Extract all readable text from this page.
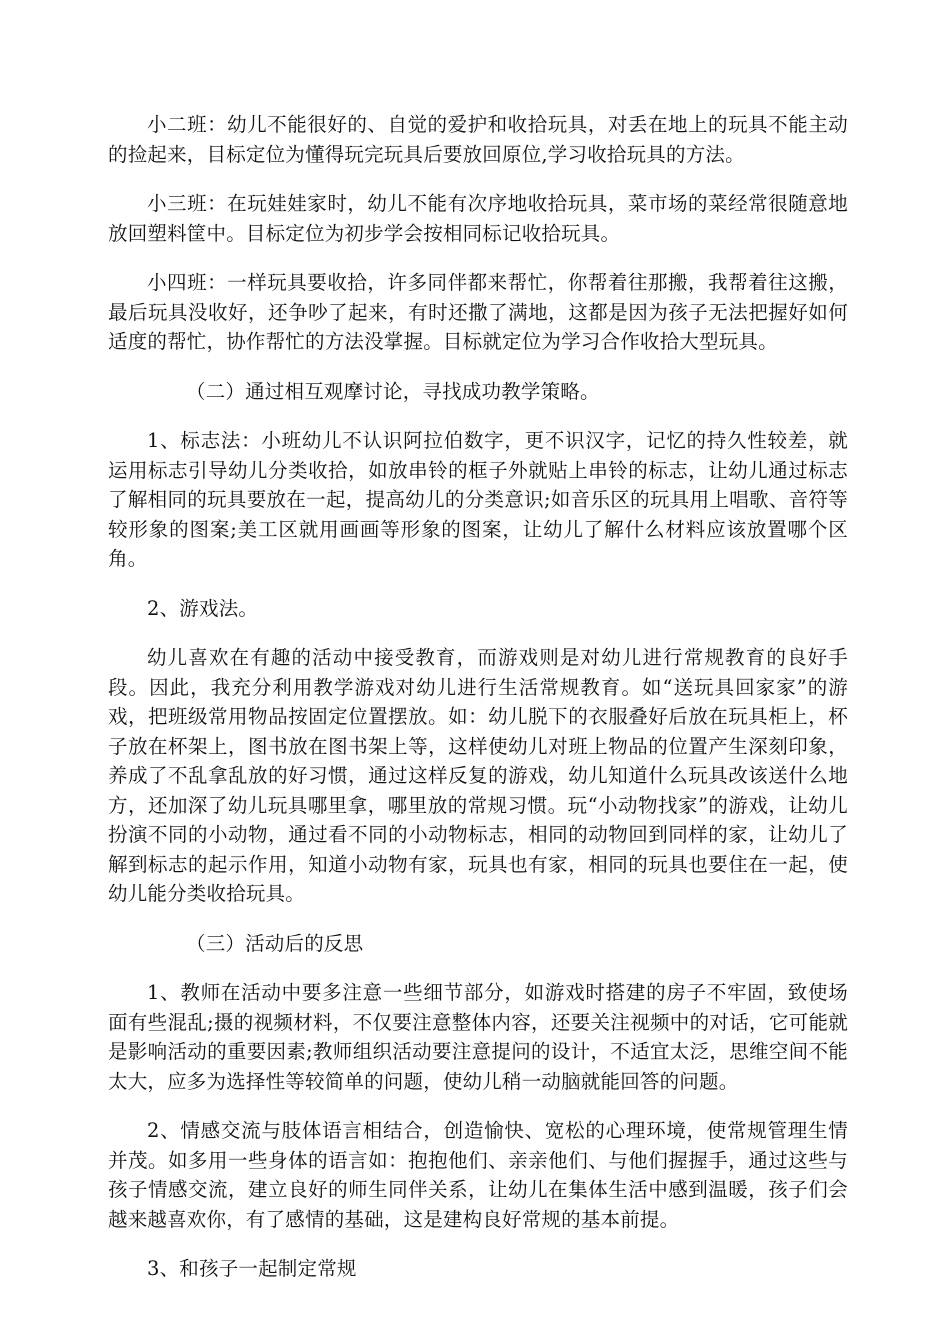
小二班：幼儿不能很好的、自觉的爱护和收拾玩具，对丢在地上的玩具不能主动的捡起来，目标定位为懂得玩完玩具后要放回原位,学习收拾玩具的方法。

小三班：在玩娃娃家时，幼儿不能有次序地收拾玩具，菜市场的菜经常很随意地放回塑料筐中。目标定位为初步学会按相同标记收拾玩具。

小四班：一样玩具要收拾，许多同伴都来帮忙，你帮着往那搬，我帮着往这搬，最后玩具没收好，还争吵了起来，有时还撒了满地，这都是因为孩子无法把握好如何适度的帮忙，协作帮忙的方法没掌握。目标就定位为学习合作收拾大型玩具。

（二）通过相互观摩讨论，寻找成功教学策略。

1、标志法：小班幼儿不认识阿拉伯数字，更不识汉字，记忆的持久性较差，就运用标志引导幼儿分类收拾，如放串铃的框子外就贴上串铃的标志，让幼儿通过标志了解相同的玩具要放在一起，提高幼儿的分类意识;如音乐区的玩具用上唱歌、音符等较形象的图案;美工区就用画画等形象的图案，让幼儿了解什么材料应该放置哪个区角。

2、游戏法。

幼儿喜欢在有趣的活动中接受教育，而游戏则是对幼儿进行常规教育的良好手段。因此，我充分利用教学游戏对幼儿进行生活常规教育。如“送玩具回家家”的游戏，把班级常用物品按固定位置摆放。如：幼儿脱下的衣服叠好后放在玩具柜上，杯子放在杯架上，图书放在图书架上等，这样使幼儿对班上物品的位置产生深刻印象，养成了不乱拿乱放的好习惯，通过这样反复的游戏，幼儿知道什么玩具改该送什么地方，还加深了幼儿玩具哪里拿，哪里放的常规习惯。玩“小动物找家”的游戏，让幼儿扮演不同的小动物，通过看不同的小动物标志，相同的动物回到同样的家，让幼儿了解到标志的起示作用，知道小动物有家，玩具也有家，相同的玩具也要住在一起，使幼儿能分类收拾玩具。

（三）活动后的反思

1、教师在活动中要多注意一些细节部分，如游戏时搭建的房子不牢固，致使场面有些混乱;摄的视频材料，不仅要注意整体内容，还要关注视频中的对话，它可能就是影响活动的重要因素;教师组织活动要注意提问的设计，不适宜太泛，思维空间不能太大，应多为选择性等较简单的问题，使幼儿稍一动脑就能回答的问题。

2、情感交流与肢体语言相结合，创造愉快、宽松的心理环境，使常规管理生情并茂。如多用一些身体的语言如：抱抱他们、亲亲他们、与他们握握手，通过这些与孩子情感交流，建立良好的师生同伴关系，让幼儿在集体生活中感到温暖，孩子们会越来越喜欢你，有了感情的基础，这是建构良好常规的基本前提。

3、和孩子一起制定常规
